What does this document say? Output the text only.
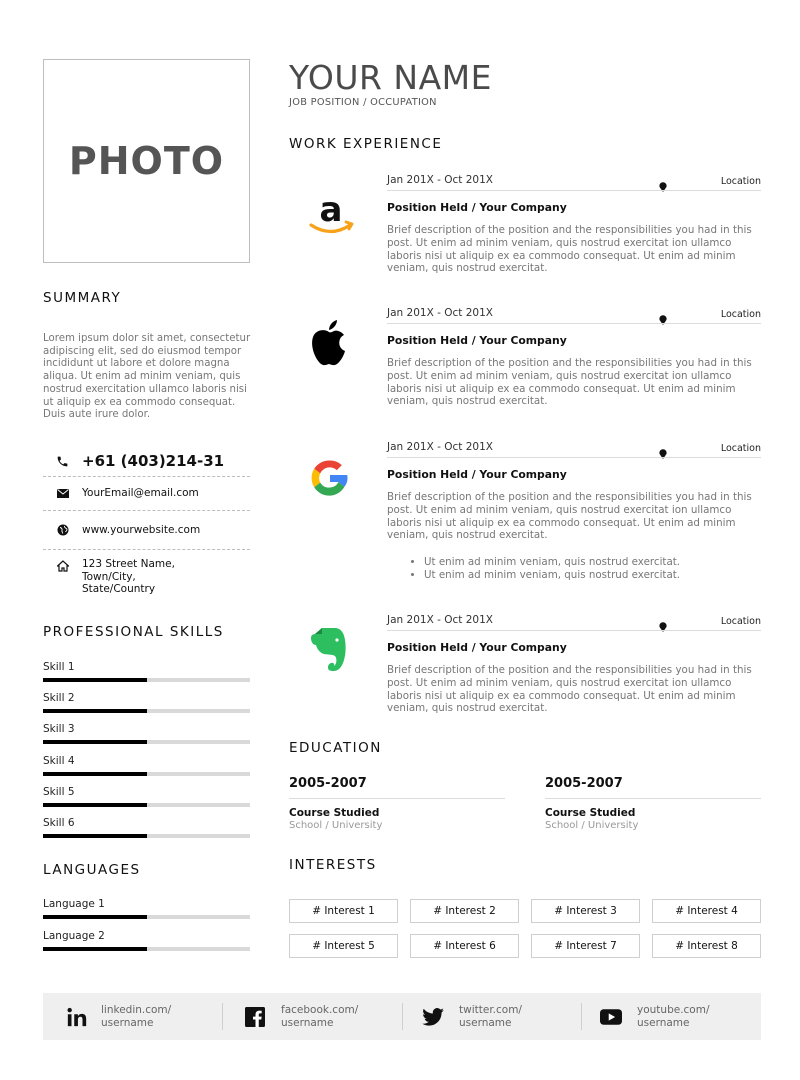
PHOTO
SUMMARY
Lorem ipsum dolor sit amet, consectetur adipiscing elit, sed do eiusmod tempor incididunt ut labore et dolore magna aliqua. Ut enim ad minim veniam, quis nostrud exercitation ullamco laboris nisi ut aliquip ex ea commodo consequat. Duis aute irure dolor.
+61 (403)214-31
YourEmail@email.com
www.yourwebsite.com
123 Street Name,
Town/City,
State/Country
PROFESSIONAL SKILLS
Skill 1
Skill 2
Skill 3
Skill 4
Skill 5
Skill 6
LANGUAGES
Language 1
Language 2
YOUR NAME
JOB POSITION / OCCUPATION
WORK EXPERIENCE
a
Jan 201X - Oct 201X	Location
Position Held / Your Company
Brief description of the position and the responsibilities you had in this post. Ut enim ad minim veniam, quis nostrud exercitat ion ullamco laboris nisi ut aliquip ex ea commodo consequat. Ut enim ad minim veniam, quis nostrud exercitat.
Jan 201X - Oct 201X	Location
Position Held / Your Company
Brief description of the position and the responsibilities you had in this post. Ut enim ad minim veniam, quis nostrud exercitat ion ullamco laboris nisi ut aliquip ex ea commodo consequat. Ut enim ad minim veniam, quis nostrud exercitat.
Jan 201X - Oct 201X	Location
Position Held / Your Company
Brief description of the position and the responsibilities you had in this post. Ut enim ad minim veniam, quis nostrud exercitat ion ullamco laboris nisi ut aliquip ex ea commodo consequat. Ut enim ad minim veniam, quis nostrud exercitat.
• Ut enim ad minim veniam, quis nostrud exercitat.
• Ut enim ad minim veniam, quis nostrud exercitat.
Jan 201X - Oct 201X	Location
Position Held / Your Company
Brief description of the position and the responsibilities you had in this post. Ut enim ad minim veniam, quis nostrud exercitat ion ullamco laboris nisi ut aliquip ex ea commodo consequat. Ut enim ad minim veniam, quis nostrud exercitat.
EDUCATION
2005-2007
Course Studied
School / University
2005-2007
Course Studied
School / University
INTERESTS
# Interest 1	# Interest 2	# Interest 3	# Interest 4
# Interest 5	# Interest 6	# Interest 7	# Interest 8
linkedin.com/
username
facebook.com/
username
twitter.com/
username
youtube.com/
username
